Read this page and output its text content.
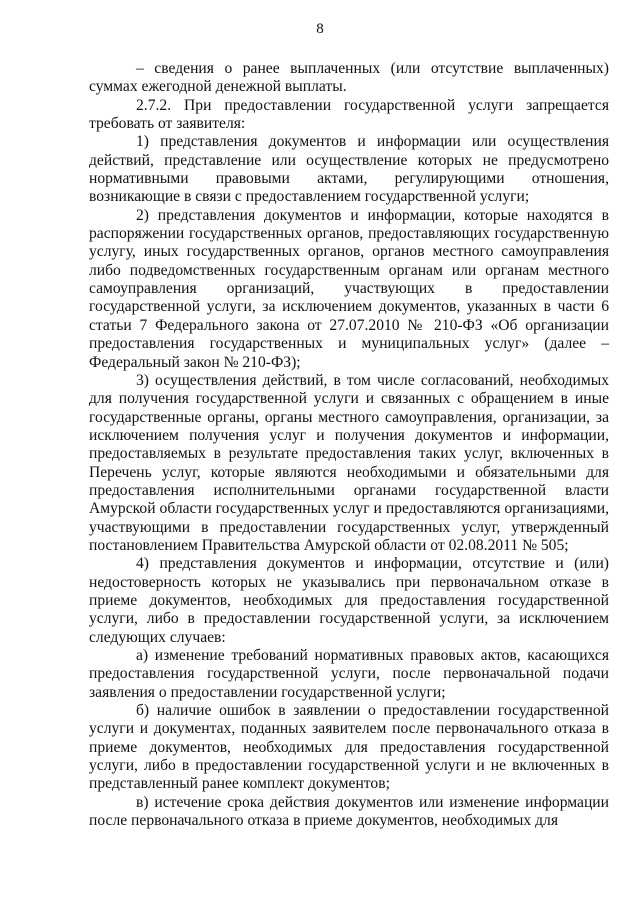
8

– сведения о ранее выплаченных (или отсутствие выплаченных) суммах ежегодной денежной выплаты.

2.7.2. При предоставлении государственной услуги запрещается требовать от заявителя:

1) представления документов и информации или осуществления действий, представление или осуществление которых не предусмотрено нормативными правовыми актами, регулирующими отношения, возникающие в связи с предоставлением государственной услуги;

2) представления документов и информации, которые находятся в распоряжении государственных органов, предоставляющих государственную услугу, иных государственных органов, органов местного самоуправления либо подведомственных государственным органам или органам местного самоуправления организаций, участвующих в предоставлении государственной услуги, за исключением документов, указанных в части 6 статьи 7 Федерального закона от 27.07.2010 № 210-ФЗ «Об организации предоставления государственных и муниципальных услуг» (далее – Федеральный закон № 210-ФЗ);

3) осуществления действий, в том числе согласований, необходимых для получения государственной услуги и связанных с обращением в иные государственные органы, органы местного самоуправления, организации, за исключением получения услуг и получения документов и информации, предоставляемых в результате предоставления таких услуг, включенных в Перечень услуг, которые являются необходимыми и обязательными для предоставления исполнительными органами государственной власти Амурской области государственных услуг и предоставляются организациями, участвующими в предоставлении государственных услуг, утвержденный постановлением Правительства Амурской области от 02.08.2011 № 505;

4) представления документов и информации, отсутствие и (или) недостоверность которых не указывались при первоначальном отказе в приеме документов, необходимых для предоставления государственной услуги, либо в предоставлении государственной услуги, за исключением следующих случаев:

а) изменение требований нормативных правовых актов, касающихся предоставления государственной услуги, после первоначальной подачи заявления о предоставлении государственной услуги;

б) наличие ошибок в заявлении о предоставлении государственной услуги и документах, поданных заявителем после первоначального отказа в приеме документов, необходимых для предоставления государственной услуги, либо в предоставлении государственной услуги и не включенных в представленный ранее комплект документов;

в) истечение срока действия документов или изменение информации после первоначального отказа в приеме документов, необходимых для
